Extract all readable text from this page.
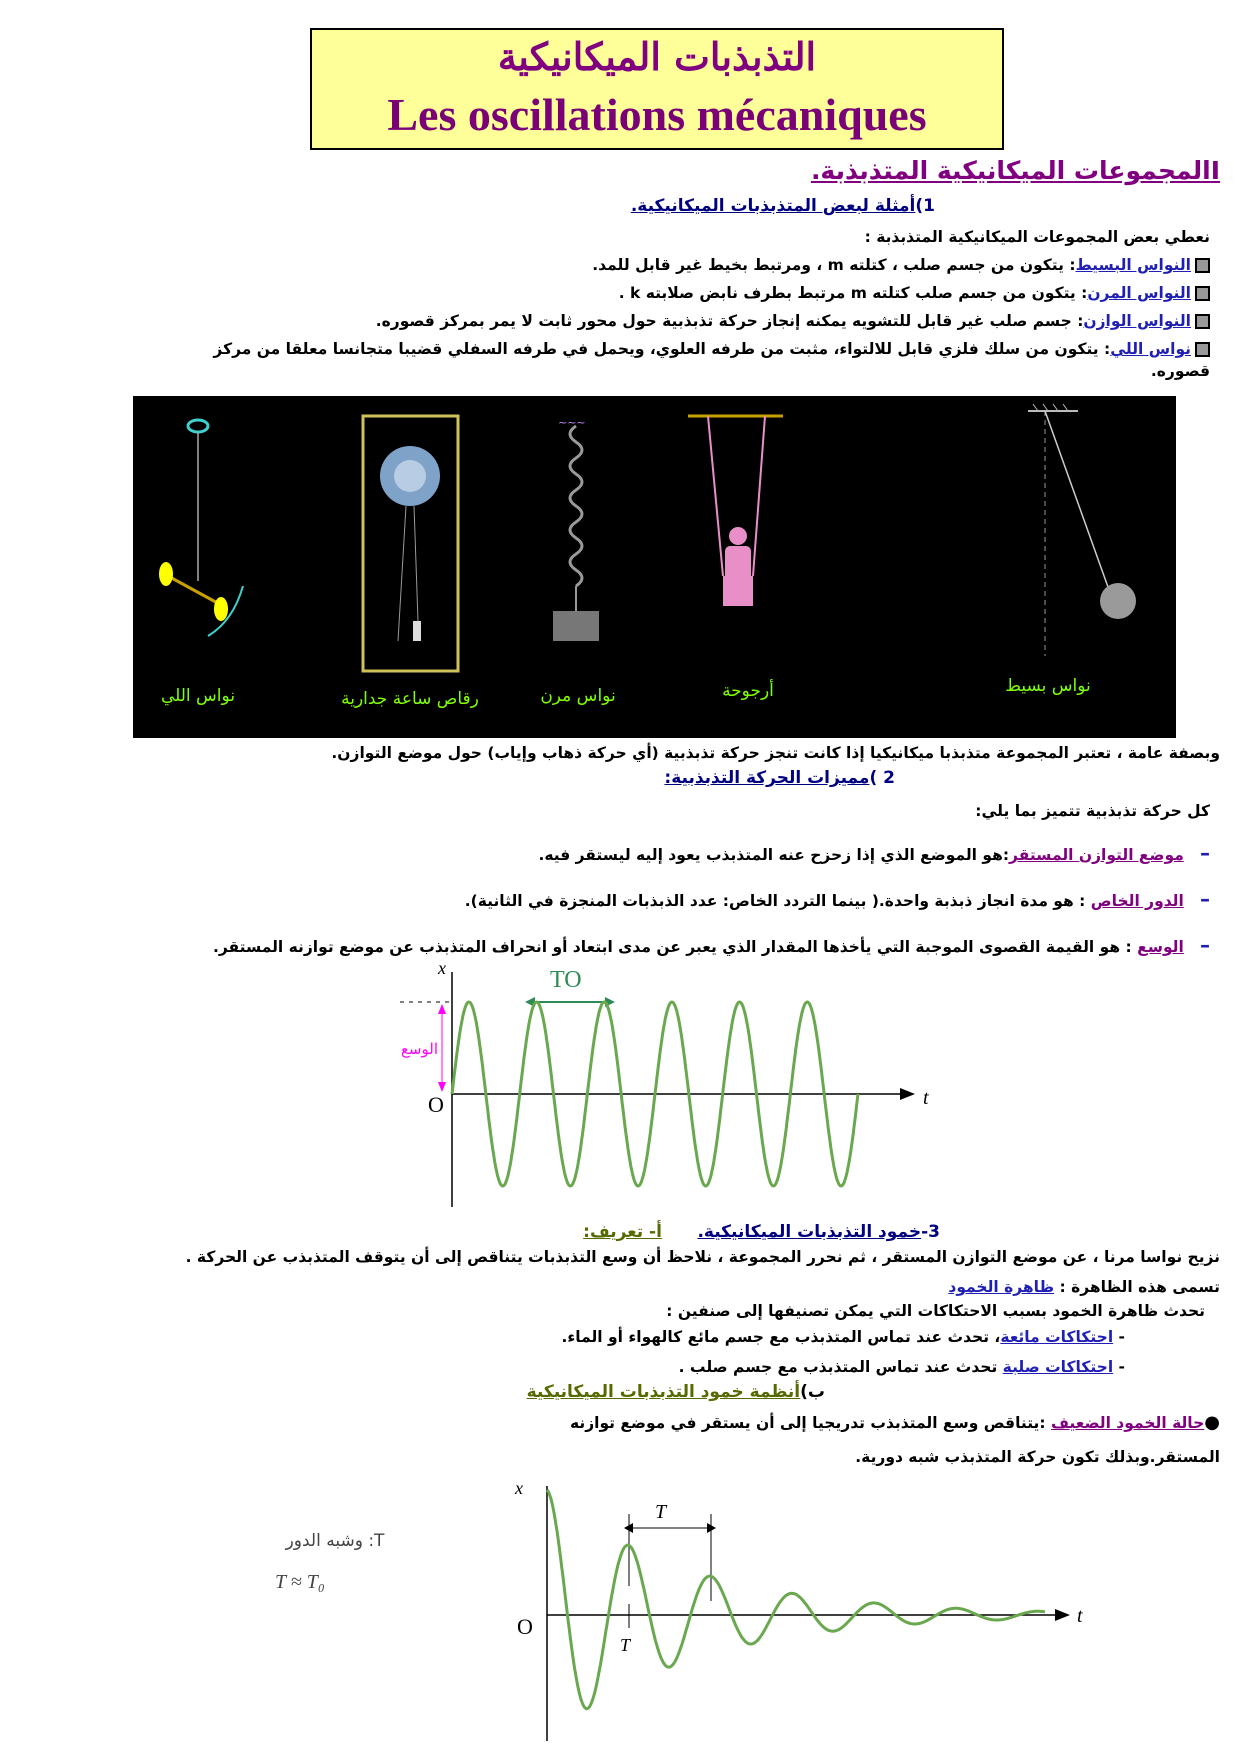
التذبذبات الميكانيكية
Les oscillations mécaniques
Iالمجموعات الميكانيكية المتذبذبة.
1)أمثلة لبعض المتذبذبات الميكانيكية.
نعطي بعض المجموعات الميكانيكية المتذبذبة :
النواس البسيط: يتكون من جسم صلب ، كتلته m ، ومرتبط بخيط غير قابل للمد.
النواس المرن: يتكون من جسم صلب كتلته m مرتبط بطرف نابض صلابته k .
النواس الوازن: جسم صلب غير قابل للتشويه يمكنه إنجاز حركة تذبذبية حول محور ثابت لا يمر بمركز قصوره.
نواس اللي: يتكون من سلك فلزي قابل للالتواء، مثبت من طرفه العلوي، ويحمل في طرفه السفلي قضيبا متجانسا معلقا من مركز قصوره.
~~~
نواس بسيط
أرجوحة
نواس مرن
رقاص ساعة جدارية
نواس اللي
وبصفة عامة ، تعتبر المجموعة متذبذبا ميكانيكيا إذا كانت تنجز حركة تذبذبية (أي حركة ذهاب وإياب) حول موضع التوازن.
2 )مميزات الحركة التذبذبية:
كل حركة تذبذبية تتميز بما يلي:
–   موضع التوازن المستقر:هو الموضع الذي إذا زحزح عنه المتذبذب يعود إليه ليستقر فيه.
–   الدور الخاص : هو مدة انجاز ذبذبة واحدة.( بينما التردد الخاص: عدد الذبذبات المنجزة في الثانية).
–   الوسع : هو القيمة القصوى الموجبة التي يأخذها المقدار الذي يعبر عن مدى ابتعاد أو انحراف المتذبذب عن موضع توازنه المستقر.
x
t
O
الوسع
TO
3-خمود التذبذبات الميكانيكية.      أ- تعريف:
نزيح نواسا مرنا ، عن موضع التوازن المستقر ، ثم نحرر المجموعة ، نلاحظ أن وسع التذبذبات يتناقص إلى أن يتوقف المتذبذب عن الحركة .
تسمى هذه الظاهرة : ظاهرة الخمود
تحدث ظاهرة الخمود بسبب الاحتكاكات التي يمكن تصنيفها إلى صنفين :
- احتكاكات مائعة، تحدث عند تماس المتذبذب مع جسم مائع كالهواء أو الماء.
- احتكاكات صلبة تحدث عند تماس المتذبذب مع جسم صلب .
ب)أنظمة خمود التذبذبات الميكانيكية
●حالة الخمود الضعيف :يتناقص وسع المتذبذب تدريجيا إلى أن يستقر في موضع توازنه
المستقر.وبذلك تكون حركة المتذبذب شبه دورية.
x
t
O
T
T
وشبه الدور :T
T ≈ T₀
